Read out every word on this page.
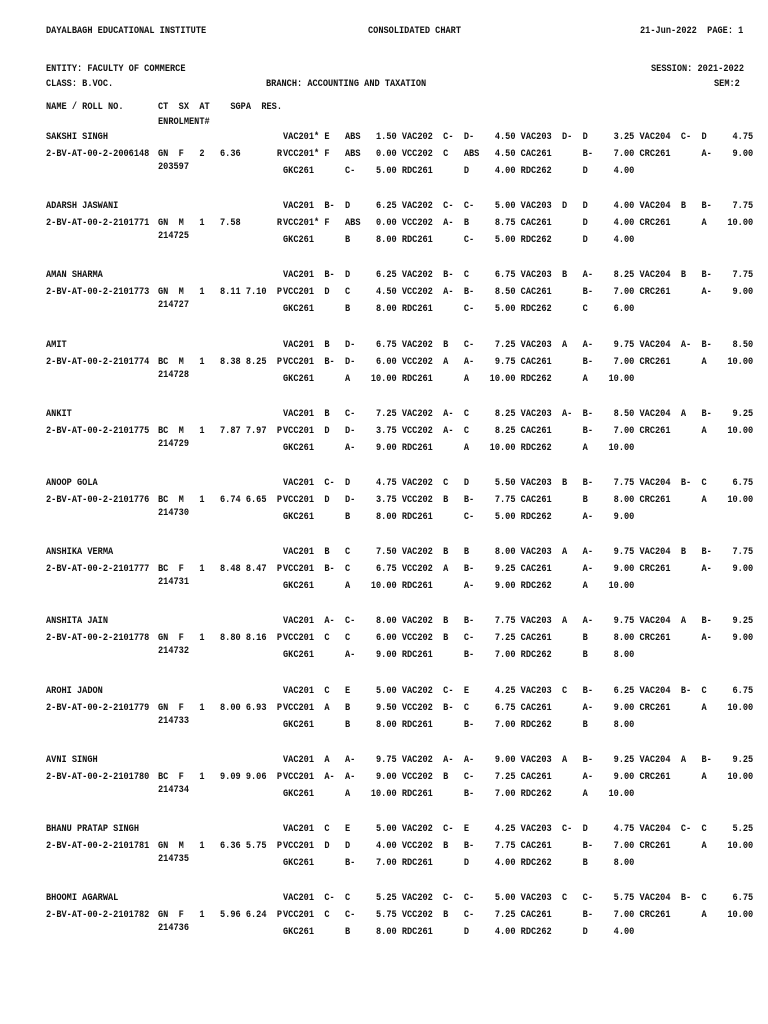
DAYALBAGH EDUCATIONAL INSTITUTE	CONSOLIDATED CHART	21-Jun-2022  PAGE: 1
ENTITY: FACULTY OF COMMERCE	SESSION: 2021-2022
CLASS: B.VOC.	BRANCH: ACCOUNTING AND TAXATION	SEM:2
NAME / ROLL NO.	CT  SX  AT    SGPA  RES.
ENROLMENT#
SAKSHI SINGH
2-BV-AT-00-2-2006148 GN  F   2   6.36       R
203597
VAC201* E   ABS   1.50 VAC202  C-  D-    4.50 VAC203  D-  D     3.25 VAC204  C-  D     4.75
VCC201* F   ABS   0.00 VCC202  C   ABS   4.50 CAC261      B-    7.00 CRC261      A-    9.00
GKC261      C-    5.00 RDC261      D     4.00 RDC262      D     4.00
ADARSH JASWANI
2-BV-AT-00-2-2101771 GN  M   1   7.58       R
214725
VAC201  B-  D     6.25 VAC202  C-  C-    5.00 VAC203  D   D     4.00 VAC204  B   B-    7.75
VCC201* F   ABS   0.00 VCC202  A-  B     8.75 CAC261      D     4.00 CRC261      A    10.00
GKC261      B     8.00 RDC261      C-    5.00 RDC262      D     4.00
AMAN SHARMA
2-BV-AT-00-2-2101773 GN  M   1   8.11 7.10  P
214727
VAC201  B-  D     6.25 VAC202  B-  C     6.75 VAC203  B   A-    8.25 VAC204  B   B-    7.75
VCC201  D   C     4.50 VCC202  A-  B-    8.50 CAC261      B-    7.00 CRC261      A-    9.00
GKC261      B     8.00 RDC261      C-    5.00 RDC262      C     6.00
AMIT
2-BV-AT-00-2-2101774 BC  M   1   8.38 8.25  P
214728
VAC201  B   D-    6.75 VAC202  B   C-    7.25 VAC203  A   A-    9.75 VAC204  A-  B-    8.50
VCC201  B-  D-    6.00 VCC202  A   A-    9.75 CAC261      B-    7.00 CRC261      A    10.00
GKC261      A    10.00 RDC261      A    10.00 RDC262      A    10.00
ANKIT
2-BV-AT-00-2-2101775 BC  M   1   7.87 7.97  P
214729
VAC201  B   C-    7.25 VAC202  A-  C     8.25 VAC203  A-  B-    8.50 VAC204  A   B-    9.25
VCC201  D   D-    3.75 VCC202  A-  C     8.25 CAC261      B-    7.00 CRC261      A    10.00
GKC261      A-    9.00 RDC261      A    10.00 RDC262      A    10.00
ANOOP GOLA
2-BV-AT-00-2-2101776 BC  M   1   6.74 6.65  P
214730
VAC201  C-  D     4.75 VAC202  C   D     5.50 VAC203  B   B-    7.75 VAC204  B-  C     6.75
VCC201  D   D-    3.75 VCC202  B   B-    7.75 CAC261      B     8.00 CRC261      A    10.00
GKC261      B     8.00 RDC261      C-    5.00 RDC262      A-    9.00
ANSHIKA VERMA
2-BV-AT-00-2-2101777 BC  F   1   8.48 8.47  P
214731
VAC201  B   C     7.50 VAC202  B   B     8.00 VAC203  A   A-    9.75 VAC204  B   B-    7.75
VCC201  B-  C     6.75 VCC202  A   B-    9.25 CAC261      A-    9.00 CRC261      A-    9.00
GKC261      A    10.00 RDC261      A-    9.00 RDC262      A    10.00
ANSHITA JAIN
2-BV-AT-00-2-2101778 GN  F   1   8.80 8.16  P
214732
VAC201  A-  C-    8.00 VAC202  B   B-    7.75 VAC203  A   A-    9.75 VAC204  A   B-    9.25
VCC201  C   C     6.00 VCC202  B   C-    7.25 CAC261      B     8.00 CRC261      A-    9.00
GKC261      A-    9.00 RDC261      B-    7.00 RDC262      B     8.00
AROHI JADON
2-BV-AT-00-2-2101779 GN  F   1   8.00 6.93  P
214733
VAC201  C   E     5.00 VAC202  C-  E     4.25 VAC203  C   B-    6.25 VAC204  B-  C     6.75
VCC201  A   B     9.50 VCC202  B-  C     6.75 CAC261      A-    9.00 CRC261      A    10.00
GKC261      B     8.00 RDC261      B-    7.00 RDC262      B     8.00
AVNI SINGH
2-BV-AT-00-2-2101780 BC  F   1   9.09 9.06  P
214734
VAC201  A   A-    9.75 VAC202  A-  A-    9.00 VAC203  A   B-    9.25 VAC204  A   B-    9.25
VCC201  A-  A-    9.00 VCC202  B   C-    7.25 CAC261      A-    9.00 CRC261      A    10.00
GKC261      A    10.00 RDC261      B-    7.00 RDC262      A    10.00
BHANU PRATAP SINGH
2-BV-AT-00-2-2101781 GN  M   1   6.36 5.75  P
214735
VAC201  C   E     5.00 VAC202  C-  E     4.25 VAC203  C-  D     4.75 VAC204  C-  C     5.25
VCC201  D   D     4.00 VCC202  B   B-    7.75 CAC261      B-    7.00 CRC261      A    10.00
GKC261      B-    7.00 RDC261      D     4.00 RDC262      B     8.00
BHOOMI AGARWAL
2-BV-AT-00-2-2101782 GN  F   1   5.96 6.24  P
214736
VAC201  C-  C     5.25 VAC202  C-  C-    5.00 VAC203  C   C-    5.75 VAC204  B-  C     6.75
VCC201  C   C-    5.75 VCC202  B   C-    7.25 CAC261      B-    7.00 CRC261      A    10.00
GKC261      B     8.00 RDC261      D     4.00 RDC262      D     4.00
